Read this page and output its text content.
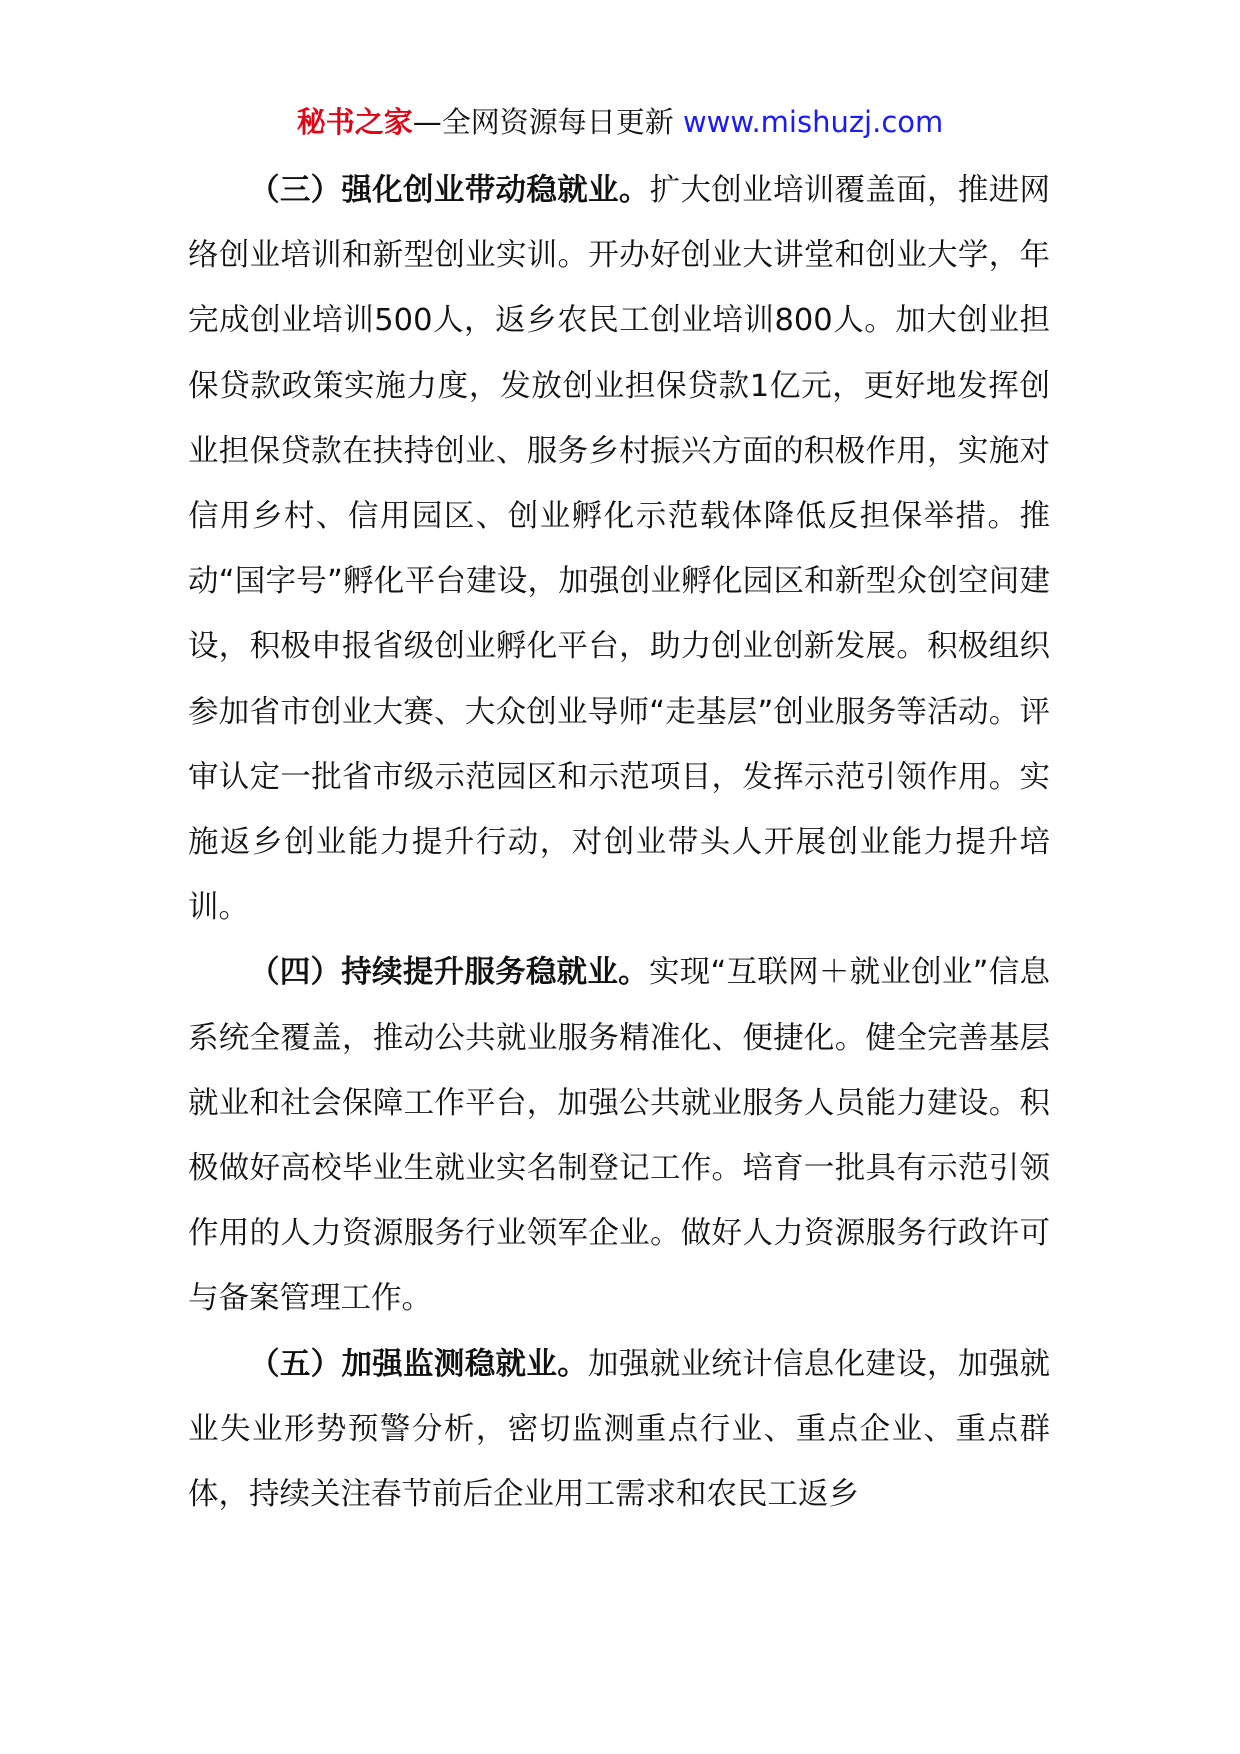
秘书之家—全网资源每日更新 www.mishuzj.com

（三）强化创业带动稳就业。扩大创业培训覆盖面，推进网络创业培训和新型创业实训。开办好创业大讲堂和创业大学，年完成创业培训500人，返乡农民工创业培训800人。加大创业担保贷款政策实施力度，发放创业担保贷款1亿元，更好地发挥创业担保贷款在扶持创业、服务乡村振兴方面的积极作用，实施对信用乡村、信用园区、创业孵化示范载体降低反担保举措。推动“国字号”孵化平台建设，加强创业孵化园区和新型众创空间建设，积极申报省级创业孵化平台，助力创业创新发展。积极组织参加省市创业大赛、大众创业导师“走基层”创业服务等活动。评审认定一批省市级示范园区和示范项目，发挥示范引领作用。实施返乡创业能力提升行动，对创业带头人开展创业能力提升培训。

（四）持续提升服务稳就业。实现“互联网＋就业创业”信息系统全覆盖，推动公共就业服务精准化、便捷化。健全完善基层就业和社会保障工作平台，加强公共就业服务人员能力建设。积极做好高校毕业生就业实名制登记工作。培育一批具有示范引领作用的人力资源服务行业领军企业。做好人力资源服务行政许可与备案管理工作。

（五）加强监测稳就业。加强就业统计信息化建设，加强就业失业形势预警分析，密切监测重点行业、重点企业、重点群体，持续关注春节前后企业用工需求和农民工返乡
